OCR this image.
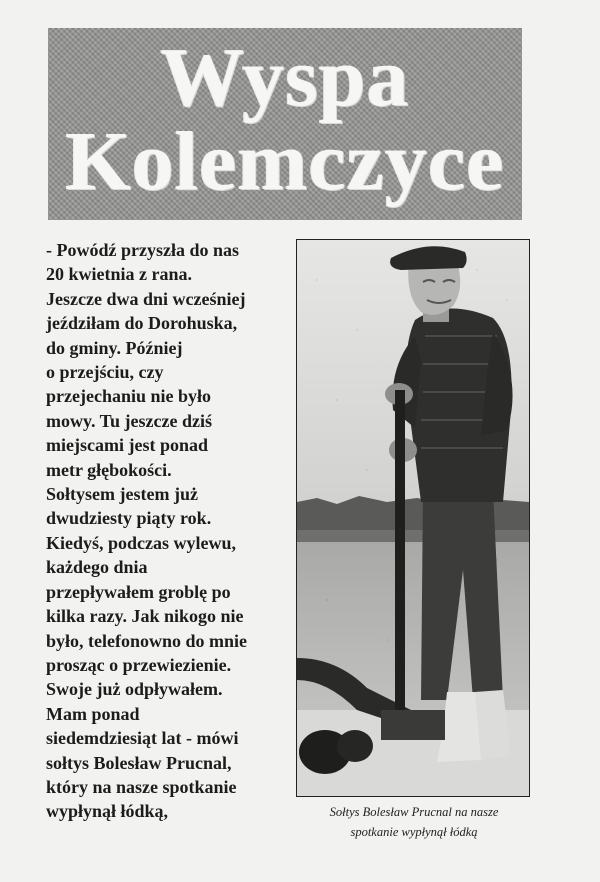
Wyspa
Kolemczyce
- Powódź przyszła do nas
20 kwietnia z rana.
Jeszcze dwa dni wcześniej
jeździłam do Dorohuska,
do gminy. Później
o przejściu, czy
przejechaniu nie było
mowy. Tu jeszcze dziś
miejscami jest ponad
metr głębokości.
Sołtysem jestem już
dwudziesty piąty rok.
Kiedyś, podczas wylewu,
każdego dnia
przepływałem groblę po
kilka razy. Jak nikogo nie
było, telefonowno do mnie
prosząc o przewiezienie.
Swoje już odpływałem.
Mam ponad
siedemdziesiąt lat - mówi
sołtys Bolesław Prucnal,
który na nasze spotkanie
wypłynął łódką,	Sołtys Bolesław Prucnal na nasze
spotkanie wypłynął łódką
